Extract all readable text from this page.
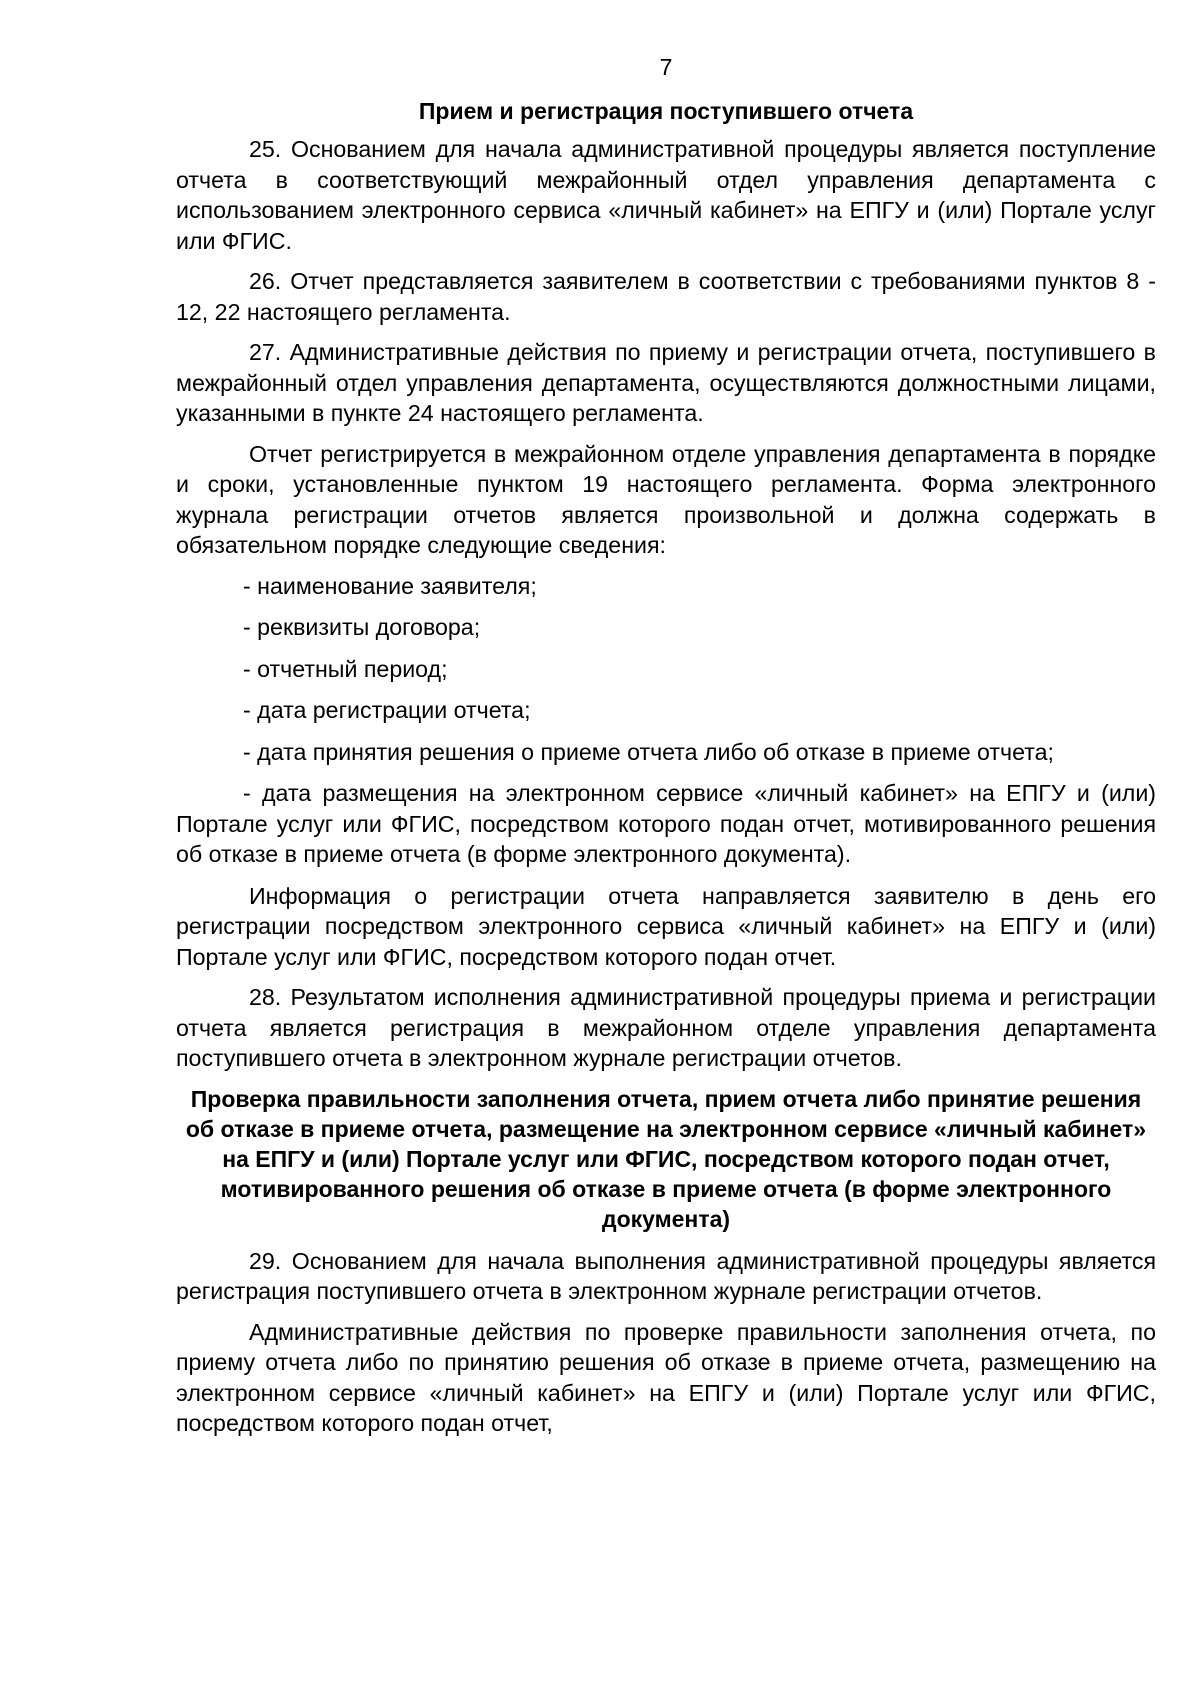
7
Прием и регистрация поступившего отчета

25. Основанием для начала административной процедуры является поступление отчета в соответствующий межрайонный отдел управления департамента с использованием электронного сервиса «личный кабинет» на ЕПГУ и (или) Портале услуг или ФГИС.

26. Отчет представляется заявителем в соответствии с требованиями пунктов 8 - 12, 22 настоящего регламента.

27. Административные действия по приему и регистрации отчета, поступившего в межрайонный отдел управления департамента, осуществляются должностными лицами, указанными в пункте 24 настоящего регламента.

Отчет регистрируется в межрайонном отделе управления департамента в порядке и сроки, установленные пунктом 19 настоящего регламента. Форма электронного журнала регистрации отчетов является произвольной и должна содержать в обязательном порядке следующие сведения:

- наименование заявителя;

- реквизиты договора;

- отчетный период;

- дата регистрации отчета;

- дата принятия решения о приеме отчета либо об отказе в приеме отчета;

- дата размещения на электронном сервисе «личный кабинет» на ЕПГУ и (или) Портале услуг или ФГИС, посредством которого подан отчет, мотивированного решения об отказе в приеме отчета (в форме электронного документа).

Информация о регистрации отчета направляется заявителю в день его регистрации посредством электронного сервиса «личный кабинет» на ЕПГУ и (или) Портале услуг или ФГИС, посредством которого подан отчет.

28. Результатом исполнения административной процедуры приема и регистрации отчета является регистрация в межрайонном отделе управления департамента поступившего отчета в электронном журнале регистрации отчетов.

Проверка правильности заполнения отчета, прием отчета либо принятие решения об отказе в приеме отчета, размещение на электронном сервисе «личный кабинет» на ЕПГУ и (или) Портале услуг или ФГИС, посредством которого подан отчет, мотивированного решения об отказе в приеме отчета (в форме электронного документа)

29. Основанием для начала выполнения административной процедуры является регистрация поступившего отчета в электронном журнале регистрации отчетов.

Административные действия по проверке правильности заполнения отчета, по приему отчета либо по принятию решения об отказе в приеме отчета, размещению на электронном сервисе «личный кабинет» на ЕПГУ и (или) Портале услуг или ФГИС, посредством которого подан отчет,
